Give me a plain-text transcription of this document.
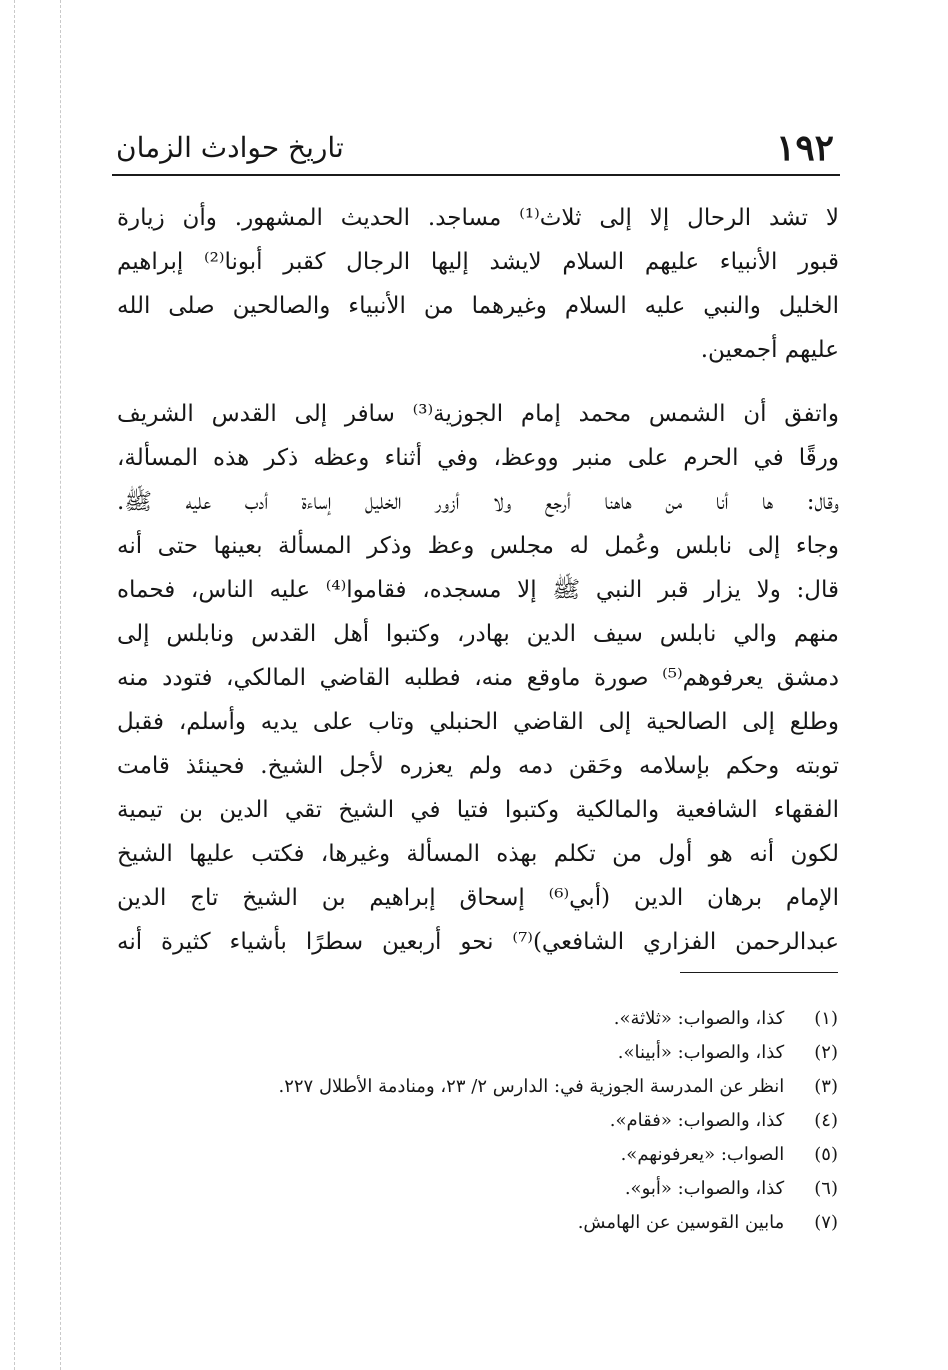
١٩٢
تاريخ حوادث الزمان
لا تشد الرحال إلا إلى ثلاث⁽¹⁾ مساجد. الحديث المشهور. وأن زيارة
قبور الأنبياء عليهم السلام لايشد إليها الرجال كقبر أبونا⁽²⁾ إبراهيم
الخليل والنبي عليه السلام وغيرهما من الأنبياء والصالحين صلى الله
عليهم أجمعين.
واتفق أن الشمس محمد إمام الجوزية⁽³⁾ سافر إلى القدس الشريف
ورقًا في الحرم على منبر ووعظ، وفي أثناء وعظه ذكر هذه المسألة،
وقال: ها أنا من هاهنا أرجع ولا أزور الخليل إساءة أدب عليه ﷺ.
وجاء إلى نابلس وعُمل له مجلس وعظ وذكر المسألة بعينها حتى أنه
قال: ولا يزار قبر النبي ﷺ إلا مسجده، فقاموا⁽⁴⁾ عليه الناس، فحماه
منهم والي نابلس سيف الدين بهادر، وكتبوا أهل القدس ونابلس إلى
دمشق يعرفوهم⁽⁵⁾ صورة ماوقع منه، فطلبه القاضي المالكي، فتودد منه
وطلع إلى الصالحية إلى القاضي الحنبلي وتاب على يديه وأسلم، فقبل
توبته وحكم بإسلامه وحَقن دمه ولم يعزره لأجل الشيخ. فحينئذ قامت
الفقهاء الشافعية والمالكية وكتبوا فتيا في الشيخ تقي الدين بن تيمية
لكون أنه هو أول من تكلم بهذه المسألة وغيرها، فكتب عليها الشيخ
الإمام برهان الدين (أبي⁽⁶⁾ إسحاق إبراهيم بن الشيخ تاج الدين
عبدالرحمن الفزاري الشافعي)⁽⁷⁾ نحو أربعين سطرًا بأشياء كثيرة أنه
(١) كذا، والصواب: «ثلاثة».
(٢) كذا، والصواب: «أبينا».
(٣) انظر عن المدرسة الجوزية في: الدارس ٢/ ٢٣، ومنادمة الأطلال ٢٢٧.
(٤) كذا، والصواب: «فقام».
(٥) الصواب: «يعرفونهم».
(٦) كذا، والصواب: «أبو».
(٧) مابين القوسين عن الهامش.
